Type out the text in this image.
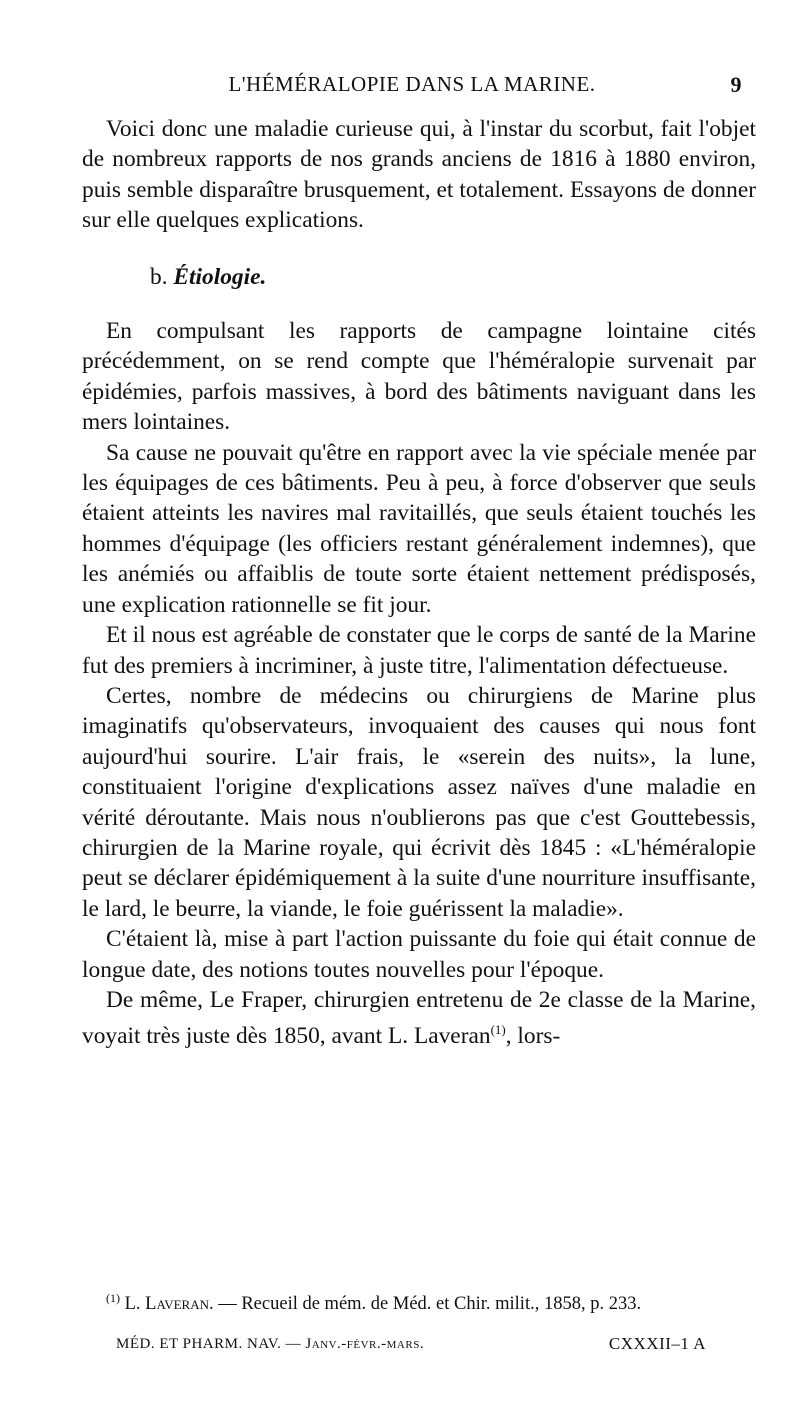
L'HÉMÉRALOPIE DANS LA MARINE.	9

Voici donc une maladie curieuse qui, à l'instar du scorbut, fait l'objet de nombreux rapports de nos grands anciens de 1816 à 1880 environ, puis semble disparaître brusquement, et totalement. Essayons de donner sur elle quelques explications.

b. Étiologie.

En compulsant les rapports de campagne lointaine cités précédemment, on se rend compte que l'héméralopie survenait par épidémies, parfois massives, à bord des bâtiments naviguant dans les mers lointaines.

Sa cause ne pouvait qu'être en rapport avec la vie spéciale menée par les équipages de ces bâtiments. Peu à peu, à force d'observer que seuls étaient atteints les navires mal ravitaillés, que seuls étaient touchés les hommes d'équipage (les officiers restant généralement indemnes), que les anémiés ou affaiblis de toute sorte étaient nettement prédisposés, une explication rationnelle se fit jour.

Et il nous est agréable de constater que le corps de santé de la Marine fut des premiers à incriminer, à juste titre, l'alimentation défectueuse.

Certes, nombre de médecins ou chirurgiens de Marine plus imaginatifs qu'observateurs, invoquaient des causes qui nous font aujourd'hui sourire. L'air frais, le «serein des nuits», la lune, constituaient l'origine d'explications assez naïves d'une maladie en vérité déroutante. Mais nous n'oublierons pas que c'est Gouttebessis, chirurgien de la Marine royale, qui écrivit dès 1845 : «L'héméralopie peut se déclarer épidémiquement à la suite d'une nourriture insuffisante, le lard, le beurre, la viande, le foie guérissent la maladie».

C'étaient là, mise à part l'action puissante du foie qui était connue de longue date, des notions toutes nouvelles pour l'époque.

De même, Le Fraper, chirurgien entretenu de 2e classe de la Marine, voyait très juste dès 1850, avant L. Laveran$^{(1)}$, lors-

$^{(1)}$ L. Laveran. — Recueil de mém. de Méd. et Chir. milit., 1858, p. 233.
MÉD. ET PHARM. NAV. — Janv.-févr.-mars.	CXXXII–1 A
